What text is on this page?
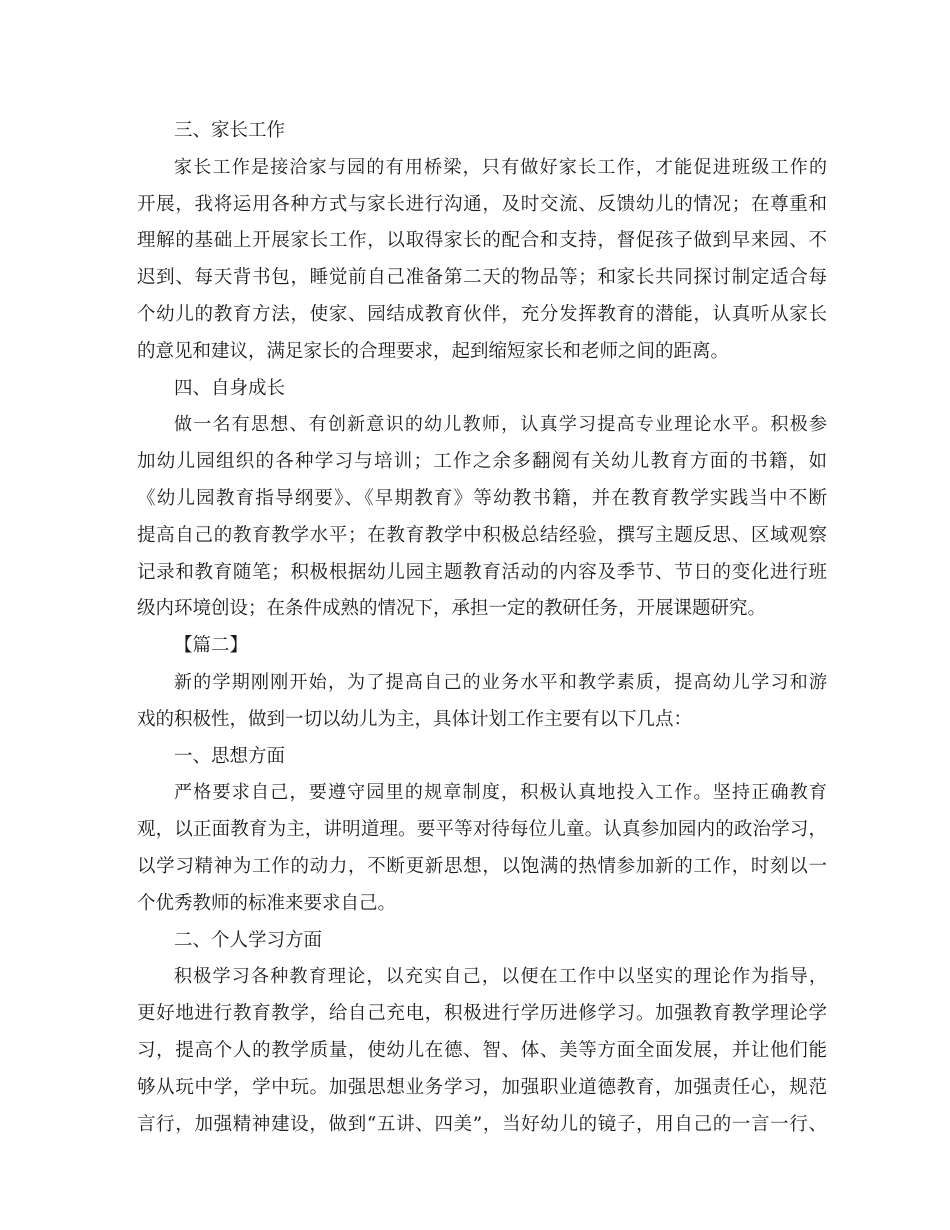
三、家长工作
家长工作是接洽家与园的有用桥梁，只有做好家长工作，才能促进班级工作的
开展，我将运用各种方式与家长进行沟通，及时交流、反馈幼儿的情况；在尊重和
理解的基础上开展家长工作，以取得家长的配合和支持，督促孩子做到早来园、不
迟到、每天背书包，睡觉前自己准备第二天的物品等；和家长共同探讨制定适合每
个幼儿的教育方法，使家、园结成教育伙伴，充分发挥教育的潜能，认真听从家长
的意见和建议，满足家长的合理要求，起到缩短家长和老师之间的距离。
四、自身成长
做一名有思想、有创新意识的幼儿教师，认真学习提高专业理论水平。积极参
加幼儿园组织的各种学习与培训；工作之余多翻阅有关幼儿教育方面的书籍，如
《幼儿园教育指导纲要》、《早期教育》等幼教书籍，并在教育教学实践当中不断
提高自己的教育教学水平；在教育教学中积极总结经验，撰写主题反思、区域观察
记录和教育随笔；积极根据幼儿园主题教育活动的内容及季节、节日的变化进行班
级内环境创设；在条件成熟的情况下，承担一定的教研任务，开展课题研究。
【篇二】
新的学期刚刚开始，为了提高自己的业务水平和教学素质，提高幼儿学习和游
戏的积极性，做到一切以幼儿为主，具体计划工作主要有以下几点：
一、思想方面
严格要求自己，要遵守园里的规章制度，积极认真地投入工作。坚持正确教育
观，以正面教育为主，讲明道理。要平等对待每位儿童。认真参加园内的政治学习，
以学习精神为工作的动力，不断更新思想，以饱满的热情参加新的工作，时刻以一
个优秀教师的标准来要求自己。
二、个人学习方面
积极学习各种教育理论，以充实自己，以便在工作中以坚实的理论作为指导，
更好地进行教育教学，给自己充电，积极进行学历进修学习。加强教育教学理论学
习，提高个人的教学质量，使幼儿在德、智、体、美等方面全面发展，并让他们能
够从玩中学，学中玩。加强思想业务学习，加强职业道德教育，加强责任心，规范
言行，加强精神建设，做到“五讲、四美”，当好幼儿的镜子，用自己的一言一行、
